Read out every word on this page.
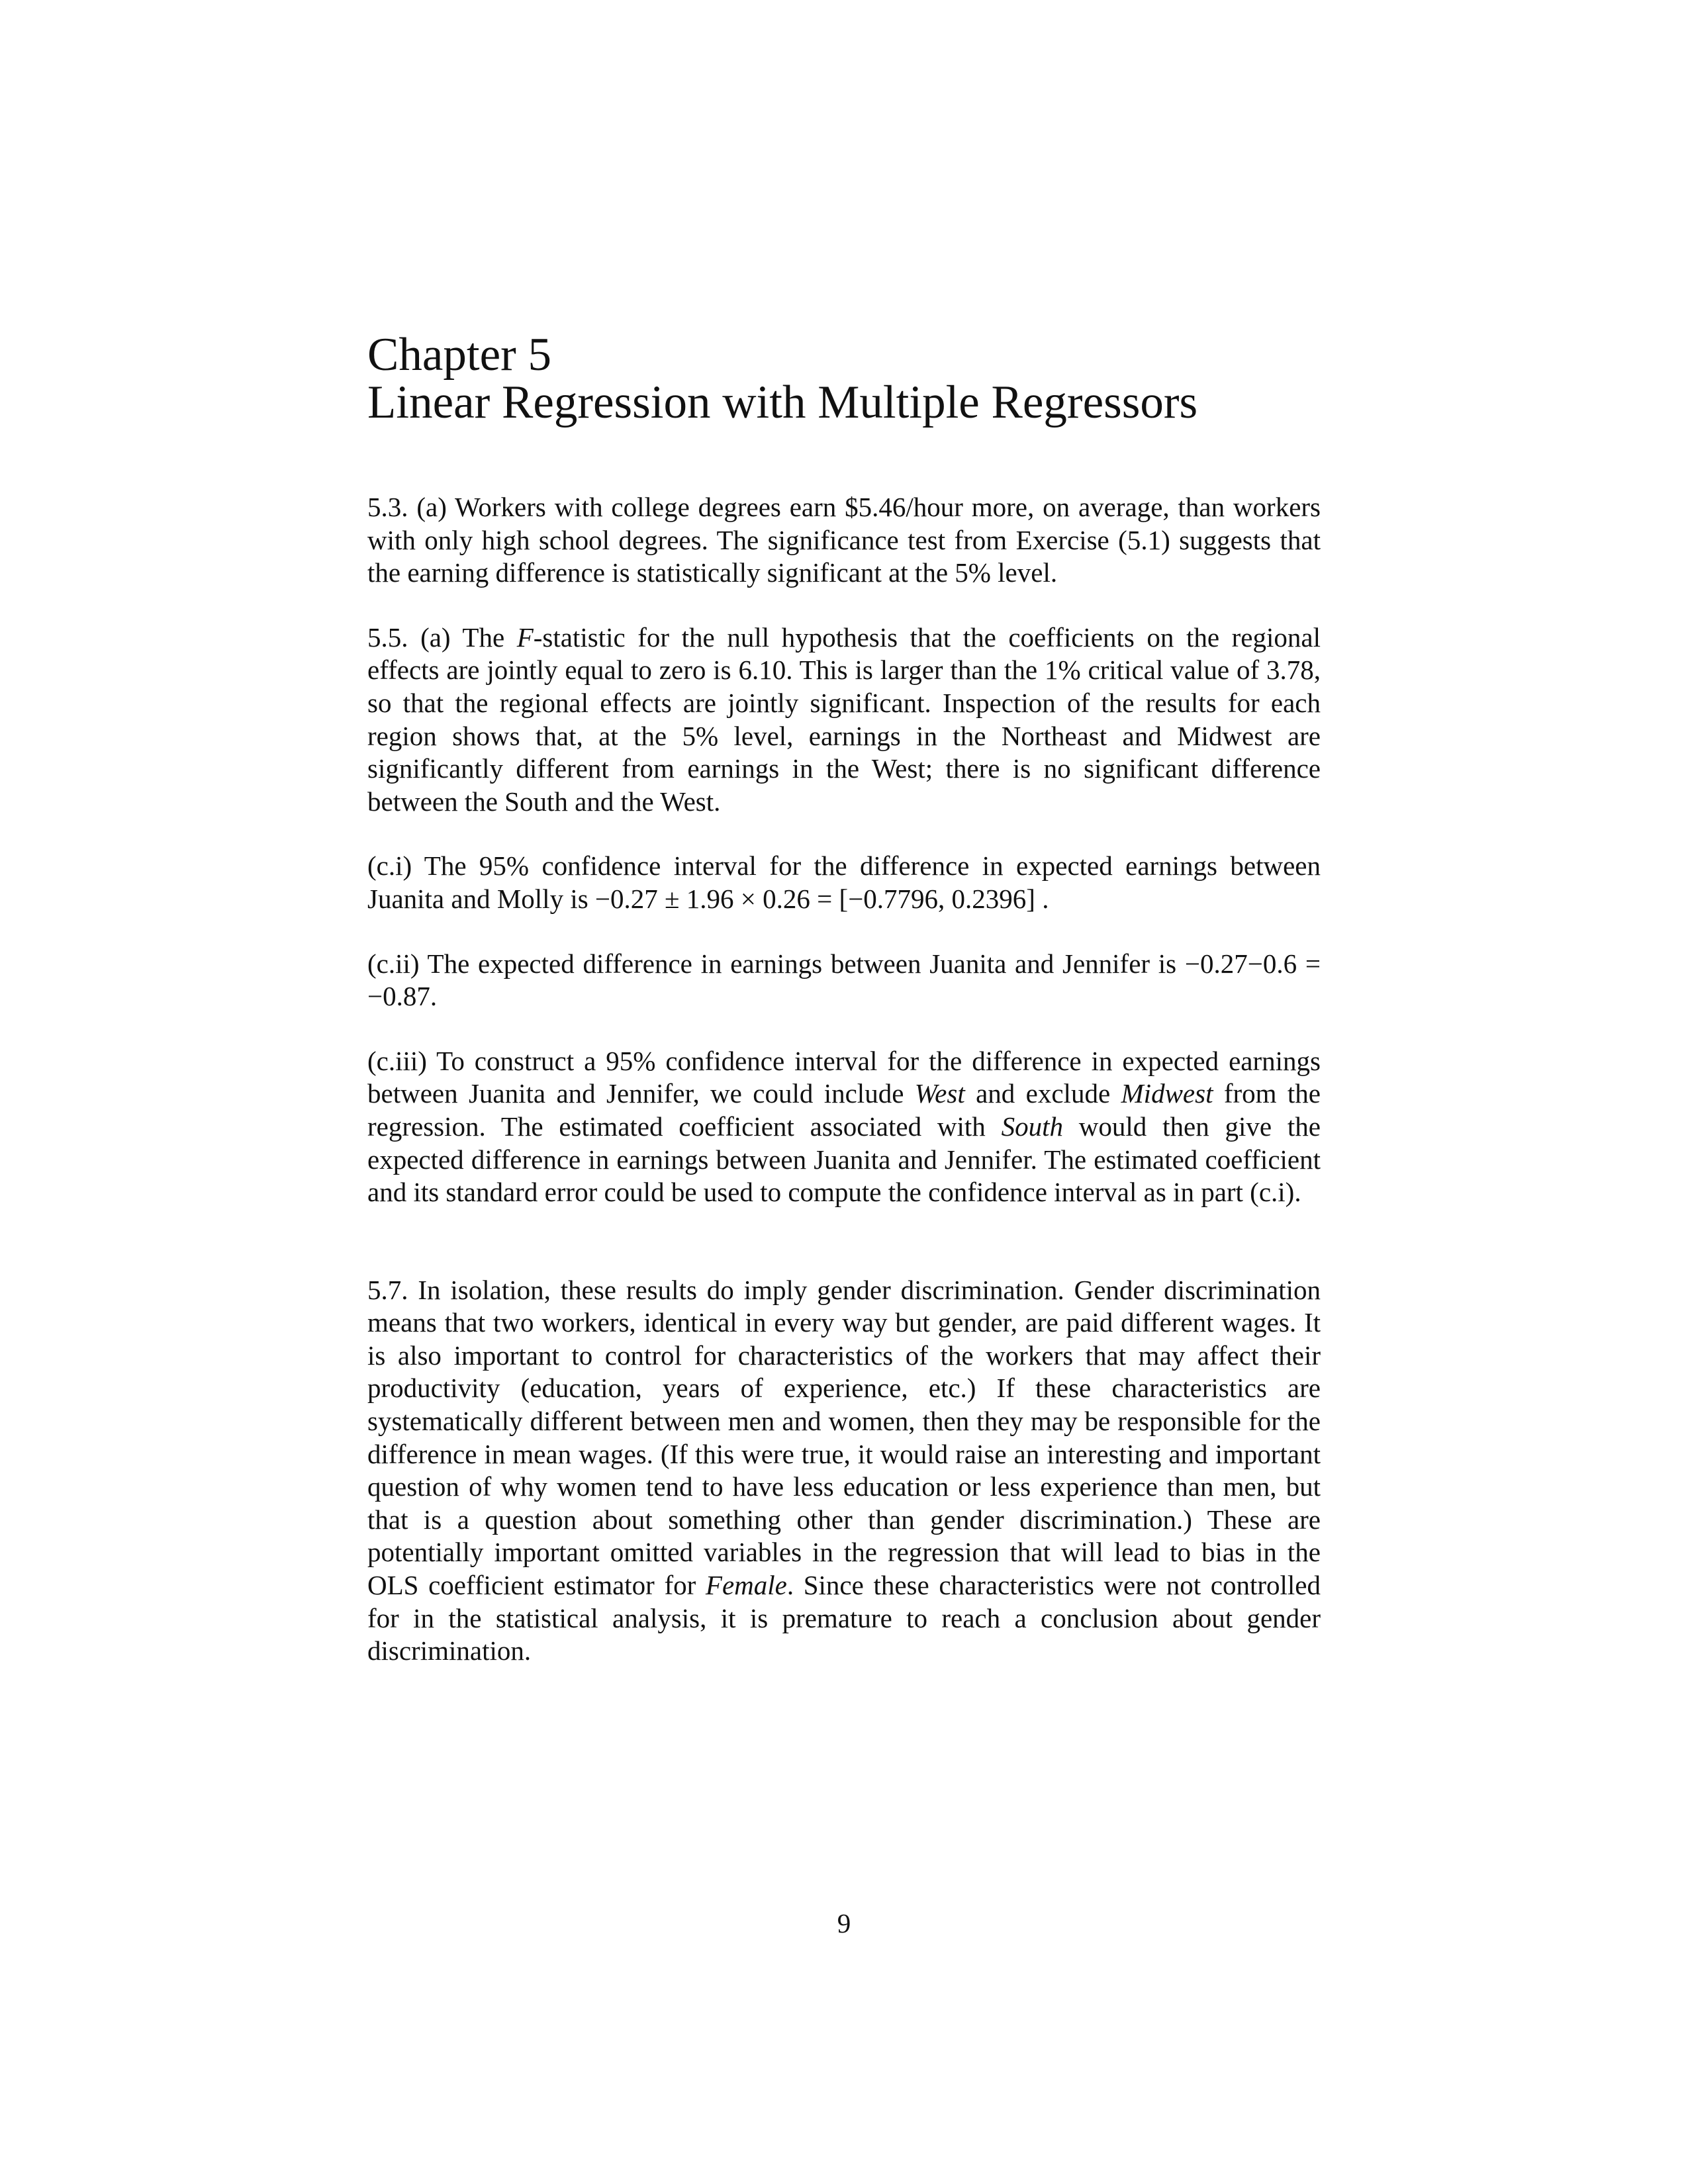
Chapter 5
Linear Regression with Multiple Regressors

5.3. (a) Workers with college degrees earn $5.46/hour more, on average, than workers with only high school degrees. The significance test from Exercise (5.1) suggests that the earning difference is statistically significant at the 5% level.

5.5. (a) The F-statistic for the null hypothesis that the coefficients on the regional effects are jointly equal to zero is 6.10. This is larger than the 1% critical value of 3.78, so that the regional effects are jointly significant. Inspection of the results for each region shows that, at the 5% level, earnings in the Northeast and Midwest are significantly different from earnings in the West; there is no significant difference between the South and the West.

(c.i) The 95% confidence interval for the difference in expected earnings between Juanita and Molly is −0.27 ± 1.96 × 0.26 = [−0.7796, 0.2396] .

(c.ii) The expected difference in earnings between Juanita and Jennifer is −0.27−0.6 = −0.87.

(c.iii) To construct a 95% confidence interval for the difference in expected earnings between Juanita and Jennifer, we could include West and exclude Midwest from the regression. The estimated coefficient associated with South would then give the expected difference in earnings between Juanita and Jennifer. The estimated coefficient and its standard error could be used to compute the confidence interval as in part (c.i).

5.7. In isolation, these results do imply gender discrimination. Gender discrimination means that two workers, identical in every way but gender, are paid different wages. It is also important to control for characteristics of the workers that may affect their productivity (education, years of experience, etc.) If these characteristics are systematically different between men and women, then they may be responsible for the difference in mean wages. (If this were true, it would raise an interesting and important question of why women tend to have less education or less experience than men, but that is a question about something other than gender discrimination.) These are potentially important omitted variables in the regression that will lead to bias in the OLS coefficient estimator for Female. Since these characteristics were not controlled for in the statistical analysis, it is premature to reach a conclusion about gender discrimination.

9
